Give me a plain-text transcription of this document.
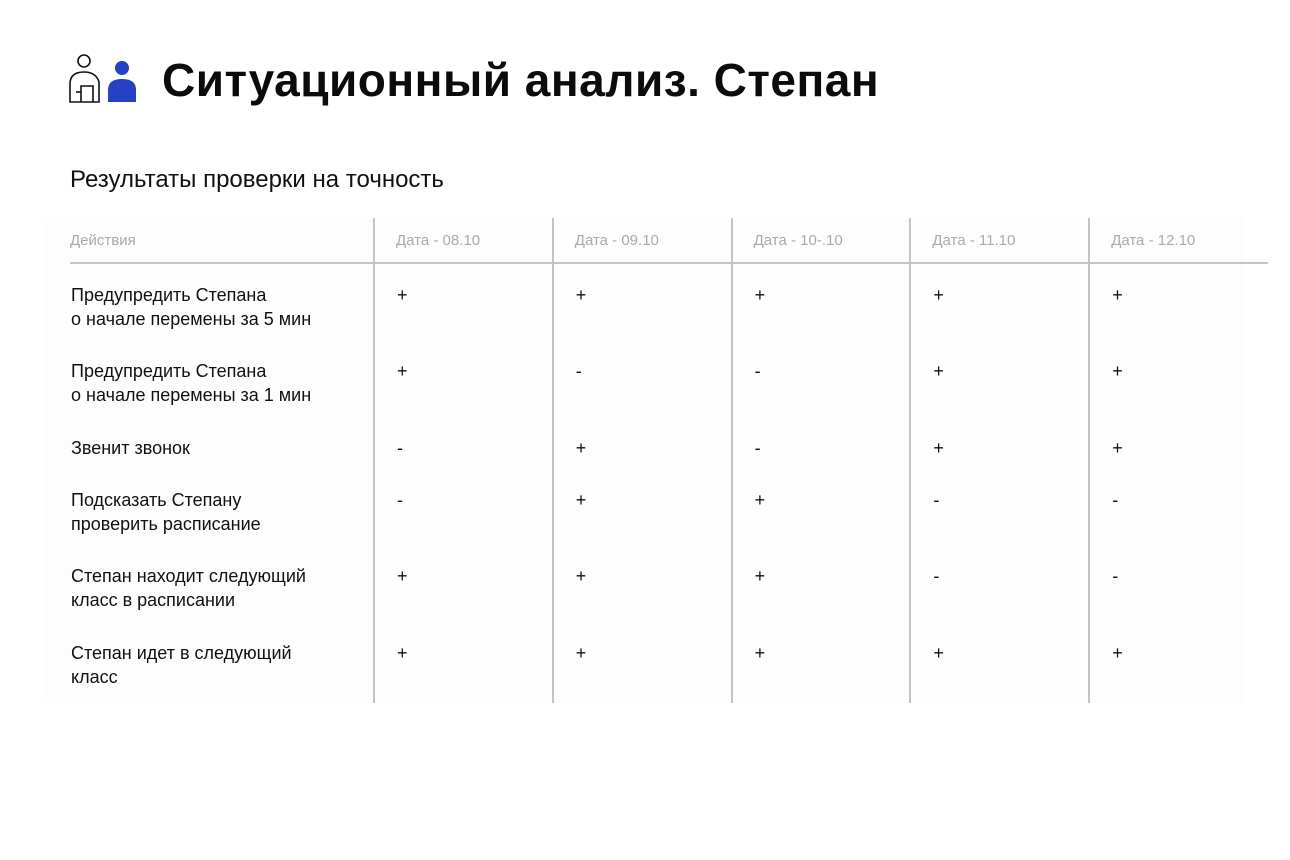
Ситуационный анализ. Степан
Результаты проверки на точность
Действия	Дата - 08.10	Дата - 09.10	Дата - 10-.10	Дата - 11.10	Дата - 12.10
Предупредить Степана
о начале перемены за 5 мин	+	+	+	+	+
Предупредить Степана
о начале перемены за 1 мин	+	-	-	+	+
Звенит звонок	-	+	-	+	+
Подсказать Степану
проверить расписание	-	+	+	-	-
Степан находит следующий
класс в расписании	+	+	+	-	-
Степан идет в следующий
класс	+	+	+	+	+
